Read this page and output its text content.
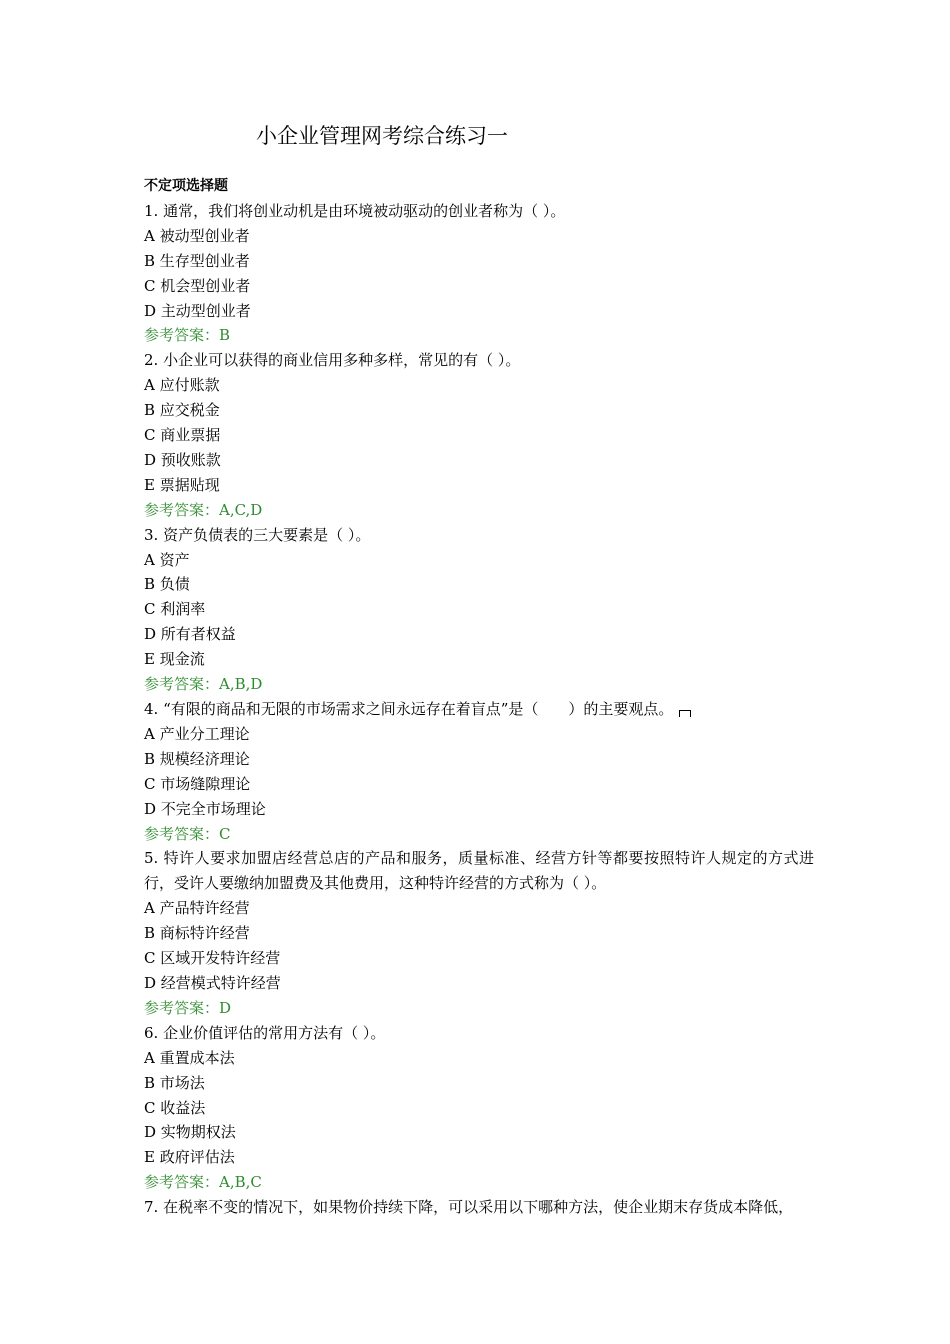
小企业管理网考综合练习一
不定项选择题
1. 通常，我们将创业动机是由环境被动驱动的创业者称为（ ）。
A 被动型创业者
B 生存型创业者
C 机会型创业者
D 主动型创业者
参考答案：B
2. 小企业可以获得的商业信用多种多样，常见的有（ ）。
A 应付账款
B 应交税金
C 商业票据
D 预收账款
E 票据贴现
参考答案：A,C,D
3. 资产负债表的三大要素是（ ）。
A 资产
B 负债
C 利润率
D 所有者权益
E 现金流
参考答案：A,B,D
4. “有限的商品和无限的市场需求之间永远存在着盲点”是（　　）的主要观点。
A 产业分工理论
B 规模经济理论
C 市场缝隙理论
D 不完全市场理论
参考答案：C
5. 特许人要求加盟店经营总店的产品和服务，质量标准、经营方针等都要按照特许人规定的方式进行，受许人要缴纳加盟费及其他费用，这种特许经营的方式称为（ ）。
A 产品特许经营
B 商标特许经营
C 区域开发特许经营
D 经营模式特许经营
参考答案：D
6. 企业价值评估的常用方法有（ ）。
A 重置成本法
B 市场法
C 收益法
D 实物期权法
E 政府评估法
参考答案：A,B,C
7. 在税率不变的情况下，如果物价持续下降，可以采用以下哪种方法，使企业期末存货成本降低，
